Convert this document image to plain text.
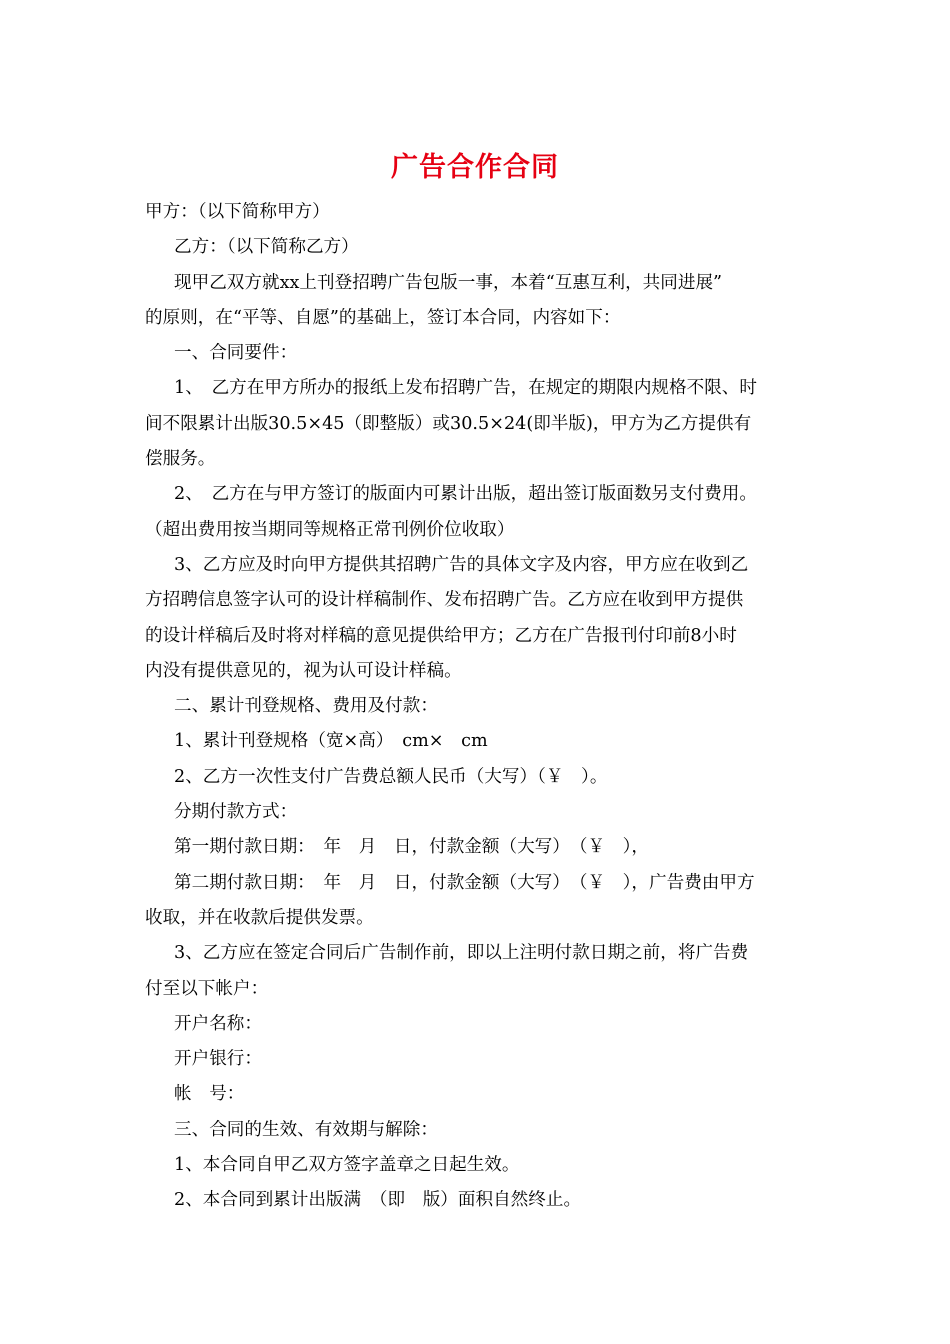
广告合作合同

甲方：（以下简称甲方）

乙方：（以下简称乙方）

现甲乙双方就xx上刊登招聘广告包版一事，本着“互惠互利，共同进展”

的原则，在“平等、自愿”的基础上，签订本合同，内容如下：

一、合同要件：

1、　乙方在甲方所办的报纸上发布招聘广告，在规定的期限内规格不限、时

间不限累计出版30.5×45（即整版）或30.5×24(即半版)，甲方为乙方提供有

偿服务。

2、　乙方在与甲方签订的版面内可累计出版，超出签订版面数另支付费用。

（超出费用按当期同等规格正常刊例价位收取）

3、乙方应及时向甲方提供其招聘广告的具体文字及内容，甲方应在收到乙

方招聘信息签字认可的设计样稿制作、发布招聘广告。乙方应在收到甲方提供

的设计样稿后及时将对样稿的意见提供给甲方；乙方在广告报刊付印前8小时

内没有提供意见的，视为认可设计样稿。

二、累计刊登规格、费用及付款：

1、累计刊登规格（宽×高）　cm×　cm

2、乙方一次性支付广告费总额人民币（大写）（￥　）。

分期付款方式：

第一期付款日期：　年　月　日，付款金额（大写）　（￥　），

第二期付款日期：　年　月　日，付款金额（大写）　（￥　），广告费由甲方

收取，并在收款后提供发票。

3、乙方应在签定合同后广告制作前，即以上注明付款日期之前，将广告费

付至以下帐户：

开户名称：

开户银行：

帐　号：

三、合同的生效、有效期与解除：

1、本合同自甲乙双方签字盖章之日起生效。

2、本合同到累计出版满　（即　版）面积自然终止。
